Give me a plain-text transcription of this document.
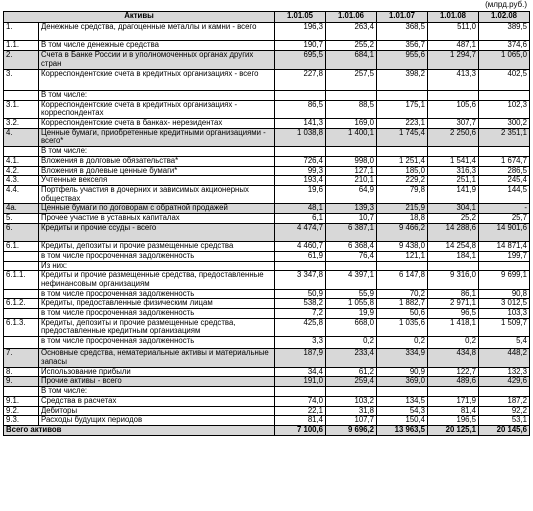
(млрд.руб.)
Активы		1.01.05	1.01.06	1.01.07	1.01.08	1.02.08
1.	Денежные средства, драгоценные металлы и камни - всего	196,3	263,4	368,5	511,0	389,5
1.1.	В том числе денежные средства	190,7	255,2	356,7	487,1	374,6
2.	Счета в Банке России и в уполномоченных органах других стран	695,5	684,1	955,6	1 294,7	1 065,0
3.	Корреспондентские счета в кредитных организациях - всего	227,8	257,5	398,2	413,3	402,5
	В том числе:					
3.1.	Корреспондентские счета в кредитных организациях - корреспондентах	86,5	88,5	175,1	105,6	102,3
3.2.	Корреспондентские счета в банках- нерезидентах	141,3	169,0	223,1	307,7	300,2
4.	Ценные бумаги, приобретенные кредитными организациями - всего*	1 038,8	1 400,1	1 745,4	2 250,6	2 351,1
	В том числе:					
4.1.	Вложения в долговые обязательства*	726,4	998,0	1 251,4	1 541,4	1 674,7
4.2.	Вложения в долевые ценные бумаги*	99,3	127,1	185,0	316,3	286,5
4.3.	Учтенные векселя	193,4	210,1	229,2	251,1	245,4
4.4.	Портфель участия в дочерних и зависимых акционерных обществах	19,6	64,9	79,8	141,9	144,5
4а.	Ценные бумаги по договорам с обратной продажей	48,1	139,3	215,9	304,1	-
5.	Прочее участие в уставных капиталах	6,1	10,7	18,8	25,2	25,7
6.	Кредиты и прочие ссуды - всего	4 474,7	6 387,1	9 466,2	14 288,6	14 901,6
6.1.	Кредиты, депозиты и прочие размещенные средства	4 460,7	6 368,4	9 438,0	14 254,8	14 871,4
	в том числе просроченная задолженность	61,9	76,4	121,1	184,1	199,7
	Из них:					
6.1.1.	Кредиты и прочие размещенные средства, предоставленные нефинансовым организациям	3 347,8	4 397,1	6 147,8	9 316,0	9 699,1
	в том числе просроченная задолженность	50,9	55,9	70,2	86,1	90,8
6.1.2.	Кредиты, предоставленные физическим лицам	538,2	1 055,8	1 882,7	2 971,1	3 012,5
	в том числе просроченная задолженность	7,2	19,9	50,6	96,5	103,3
6.1.3.	Кредиты, депозиты и прочие размещенные средства, предоставленные кредитным организациям	425,8	668,0	1 035,6	1 418,1	1 509,7
	в том числе просроченная задолженность	3,3	0,2	0,2	0,2	5,4
7.	Основные средства, нематериальные активы и материальные запасы	187,9	233,4	334,9	434,8	448,2
8.	Использование прибыли	34,4	61,2	90,9	122,7	132,3
9.	Прочие активы - всего	191,0	259,4	369,0	489,6	429,6
	В том числе:					
9.1.	Средства в расчетах	74,0	103,2	134,5	171,9	187,2
9.2.	Дебиторы	22,1	31,8	54,3	81,4	92,2
9.3.	Расходы будущих периодов	81,4	107,7	150,4	196,5	53,1
Всего активов		7 100,6	9 696,2	13 963,5	20 125,1	20 145,6
